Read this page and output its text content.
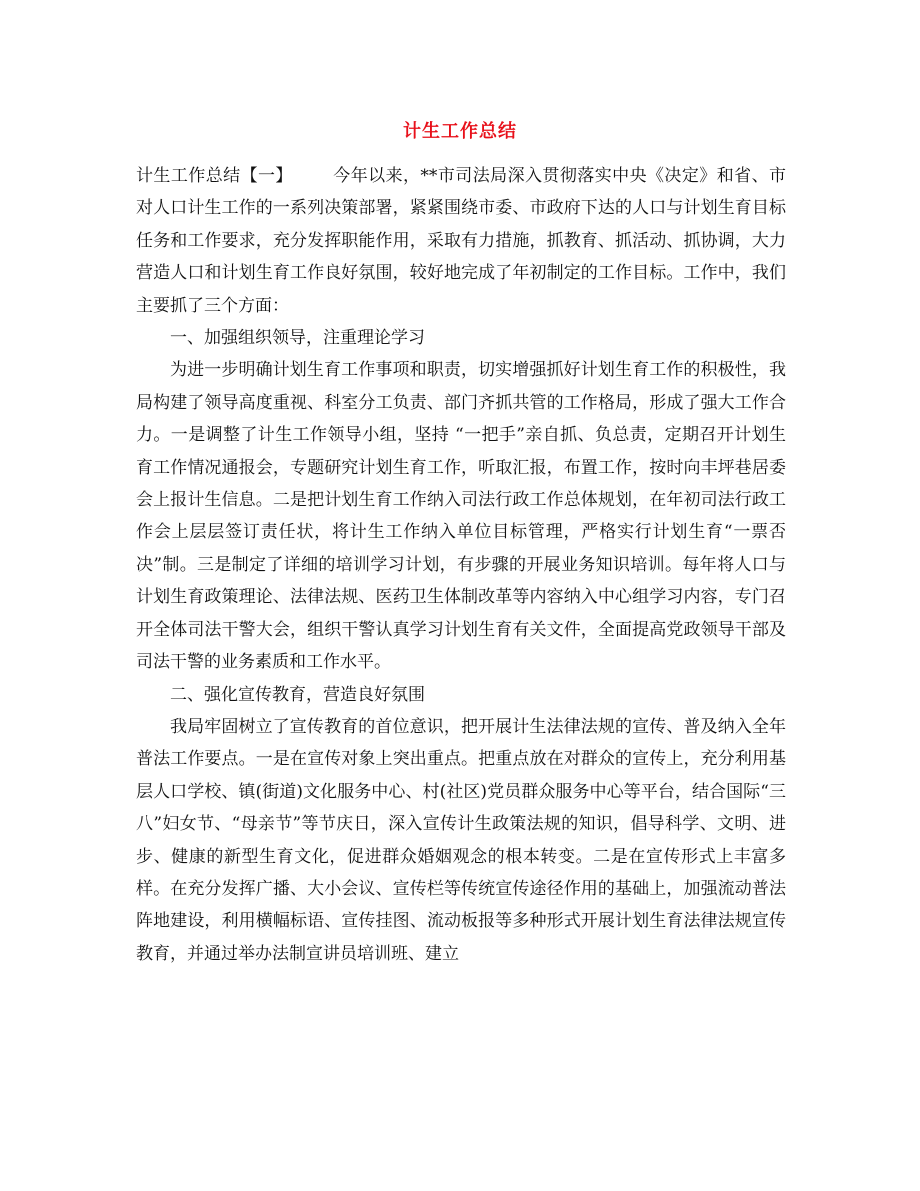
计生工作总结

计生工作总结【一】 今年以来，**市司法局深入贯彻落实中央《决定》和省、市对人口计生工作的一系列决策部署，紧紧围绕市委、市政府下达的人口与计划生育目标任务和工作要求，充分发挥职能作用，采取有力措施，抓教育、抓活动、抓协调，大力营造人口和计划生育工作良好氛围，较好地完成了年初制定的工作目标。工作中，我们主要抓了三个方面：

一、加强组织领导，注重理论学习

为进一步明确计划生育工作事项和职责，切实增强抓好计划生育工作的积极性，我局构建了领导高度重视、科室分工负责、部门齐抓共管的工作格局，形成了强大工作合力。一是调整了计生工作领导小组，坚持 “一把手”亲自抓、负总责，定期召开计划生育工作情况通报会，专题研究计划生育工作，听取汇报，布置工作，按时向丰坪巷居委会上报计生信息。二是把计划生育工作纳入司法行政工作总体规划，在年初司法行政工作会上层层签订责任状，将计生工作纳入单位目标管理，严格实行计划生育“一票否决”制。三是制定了详细的培训学习计划，有步骤的开展业务知识培训。每年将人口与计划生育政策理论、法律法规、医药卫生体制改革等内容纳入中心组学习内容，专门召开全体司法干警大会，组织干警认真学习计划生育有关文件，全面提高党政领导干部及司法干警的业务素质和工作水平。

二、强化宣传教育，营造良好氛围

我局牢固树立了宣传教育的首位意识，把开展计生法律法规的宣传、普及纳入全年普法工作要点。一是在宣传对象上突出重点。把重点放在对群众的宣传上，充分利用基层人口学校、镇(街道)文化服务中心、村(社区)党员群众服务中心等平台，结合国际“三八”妇女节、“母亲节”等节庆日，深入宣传计生政策法规的知识，倡导科学、文明、进步、健康的新型生育文化，促进群众婚姻观念的根本转变。二是在宣传形式上丰富多样。在充分发挥广播、大小会议、宣传栏等传统宣传途径作用的基础上，加强流动普法阵地建设，利用横幅标语、宣传挂图、流动板报等多种形式开展计划生育法律法规宣传教育，并通过举办法制宣讲员培训班、建立
